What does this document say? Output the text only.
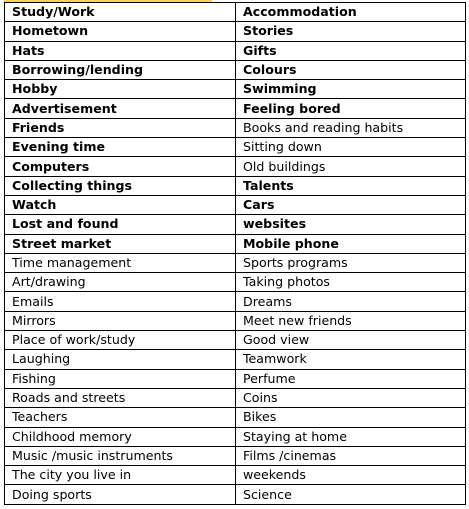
Study/Work	Accommodation
Hometown	Stories
Hats	Gifts
Borrowing/lending	Colours
Hobby	Swimming
Advertisement	Feeling bored
Friends	Books and reading habits
Evening time	Sitting down
Computers	Old buildings
Collecting things	Talents
Watch	Cars
Lost and found	websites
Street market	Mobile phone
Time management	Sports programs
Art/drawing	Taking photos
Emails	Dreams
Mirrors	Meet new friends
Place of work/study	Good view
Laughing	Teamwork
Fishing	Perfume
Roads and streets	Coins
Teachers	Bikes
Childhood memory	Staying at home
Music /music instruments	Films /cinemas
The city you live in	weekends
Doing sports	Science
